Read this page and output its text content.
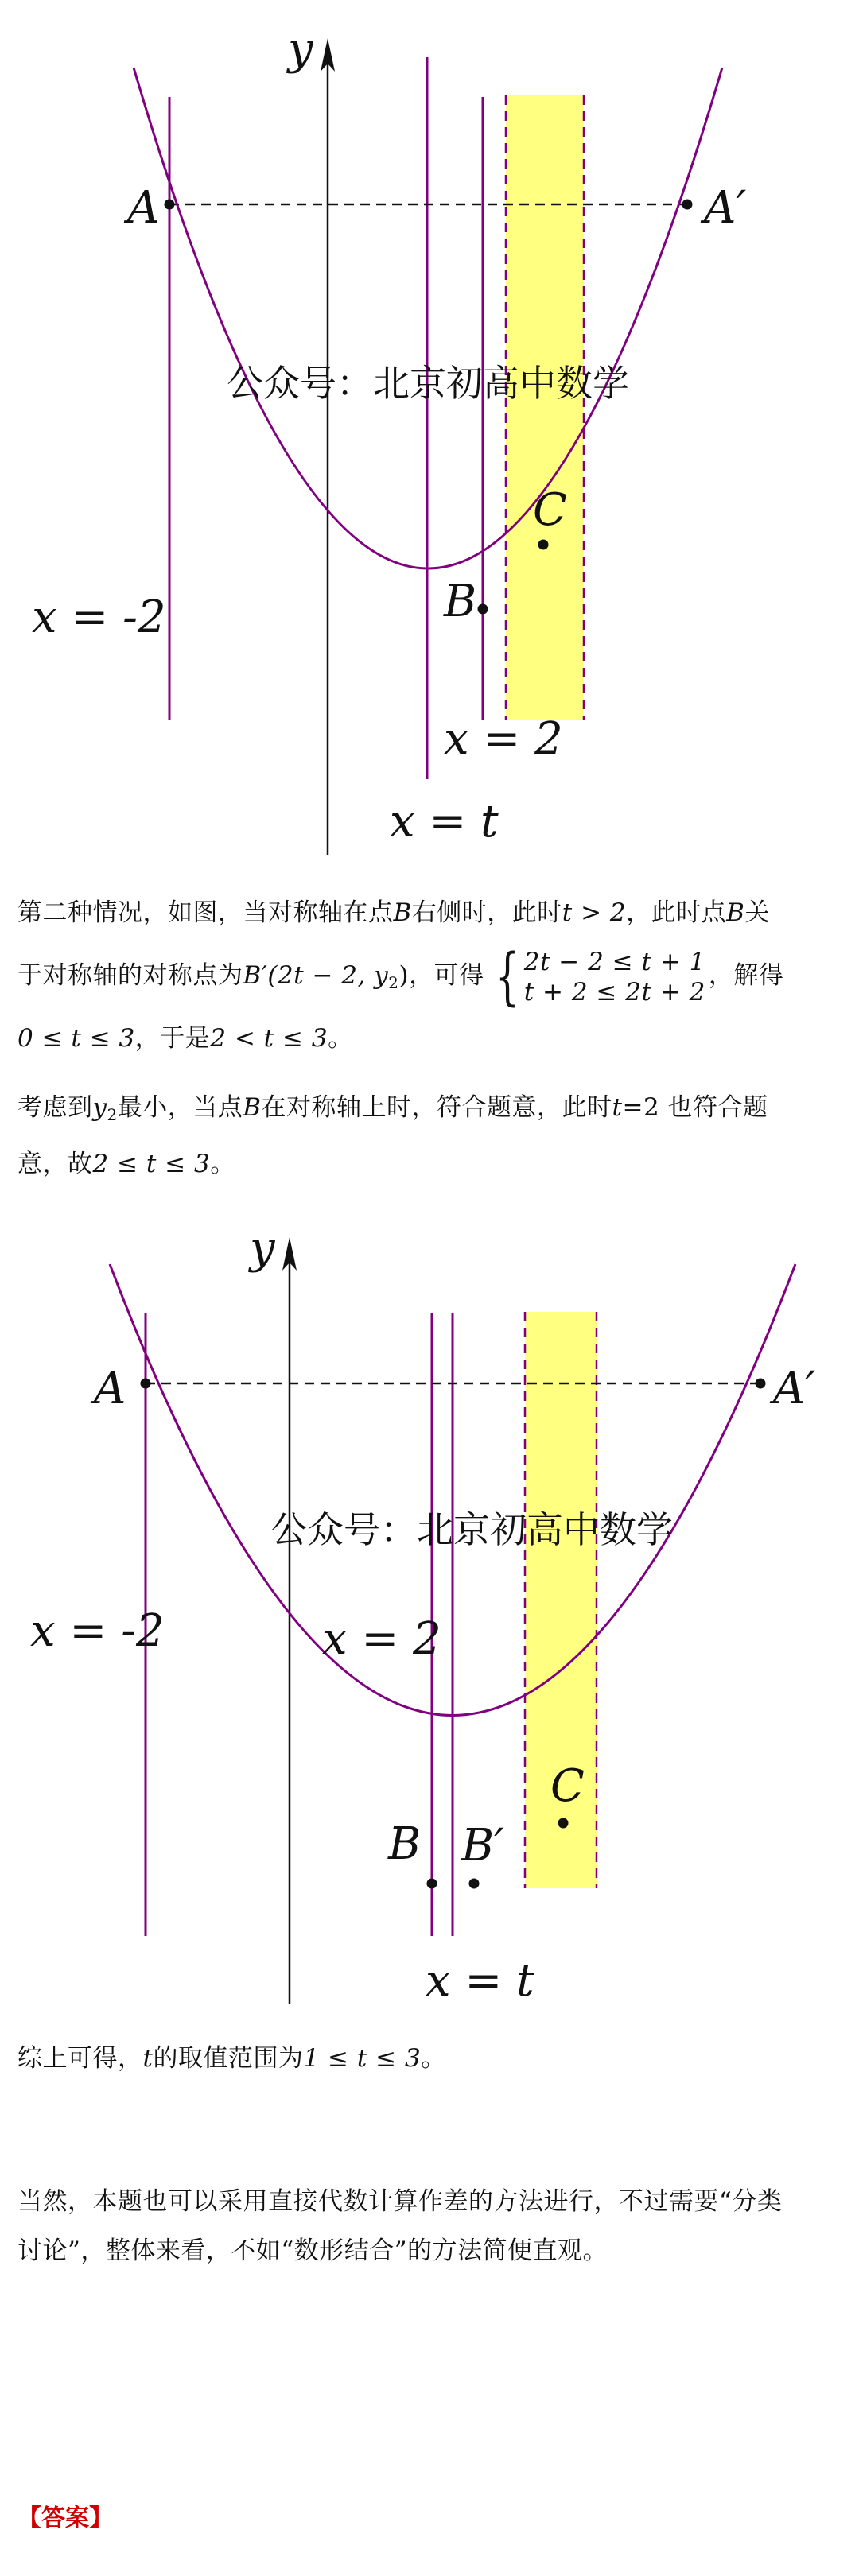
y
A	A′
B
C
x = -2
x = 2
x = t
公众号：北京初高中数学
第二种情况，如图，当对称轴在点B右侧时，此时t > 2，此时点B关
于对称轴的对称点为B′(2t − 2, $y_2$)，可得 { 2t − 2 ≤ t + 1
t + 2 ≤ 2t + 2
，解得
0 ≤ t ≤ 3，于是2 < t ≤ 3。
考虑到$y_2$最小，当点B在对称轴上时，符合题意，此时t=2 也符合题
意，故2 ≤ t ≤ 3。
y
A	A′
B B′
C
x = -2	x = 2
x = t
公众号：北京初高中数学
综上可得，t的取值范围为1 ≤ t ≤ 3。
当然，本题也可以采用直接代数计算作差的方法进行，不过需要“分类
讨论”，整体来看，不如“数形结合”的方法简便直观。
【答案】
